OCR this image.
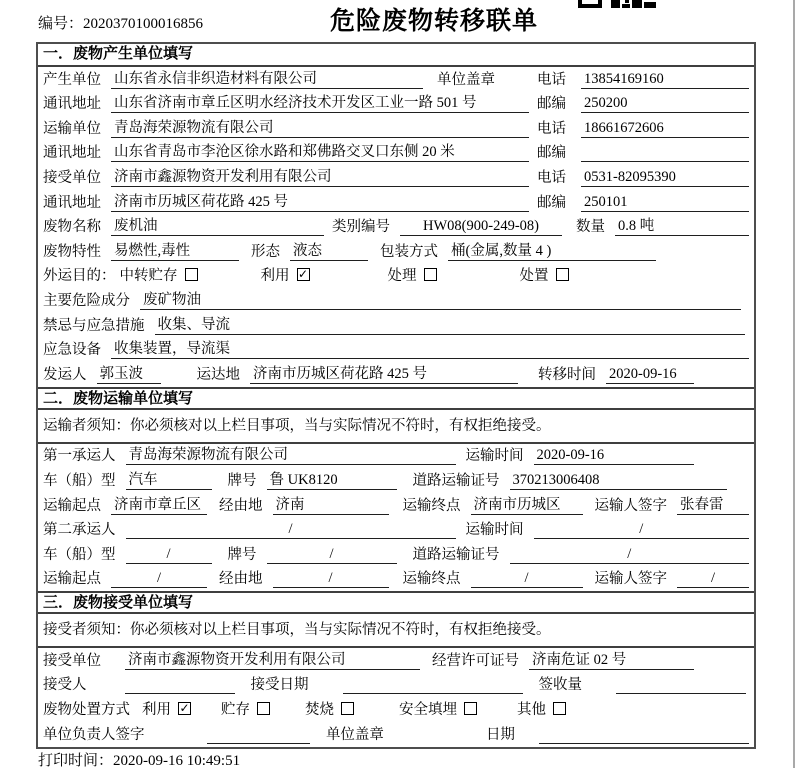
编号：2020370100016856	危险废物转移联单
一．废物产生单位填写
产生单位 山东省永信非织造材料有限公司	单位盖章	电话	13854169160
通讯地址 山东省济南市章丘区明水经济技术开发区工业一路 501 号	邮编	250200
运输单位 青岛海荣源物流有限公司	电话	18661672606
通讯地址 山东省青岛市李沧区徐水路和郑佛路交叉口东侧 20 米	邮编
接受单位 济南市鑫源物资开发利用有限公司	电话	0531-82095390
通讯地址 济南市历城区荷花路 425 号	邮编	250101
废物名称 废机油	类别编号	HW08(900-249-08)	数量 0.8 吨
废物特性 易燃性,毒性	形态 液态	包装方式 桶(金属,数量 4 )
外运目的： 中转贮存	利用 ✓	处理	处置
主要危险成分 废矿物油
禁忌与应急措施 收集、导流
应急设备 收集装置，导流渠
发运人 郭玉波	运达地 济南市历城区荷花路 425 号	转移时间 2020-09-16
二．废物运输单位填写
运输者须知：你必须核对以上栏目事项，当与实际情况不符时，有权拒绝接受。
第一承运人 青岛海荣源物流有限公司	运输时间 2020-09-16
车（船）型 汽车	牌号 鲁 UK8120	道路运输证号 370213006408
运输起点 济南市章丘区	经由地 济南	运输终点 济南市历城区	运输人签字 张春雷
第二承运人	/	运输时间	/
车（船）型	/	牌号	/	道路运输证号	/
运输起点	/	经由地	/	运输终点	/	运输人签字	/
三．废物接受单位填写
接受者须知：你必须核对以上栏目事项，当与实际情况不符时，有权拒绝接受。
接受单位 济南市鑫源物资开发利用有限公司	经营许可证号 济南危证 02 号
接受人	接受日期	签收量
废物处置方式 利用 ✓ 贮存	焚烧	安全填埋	其他
单位负责人签字	单位盖章	日期
打印时间：2020-09-16 10:49:51
